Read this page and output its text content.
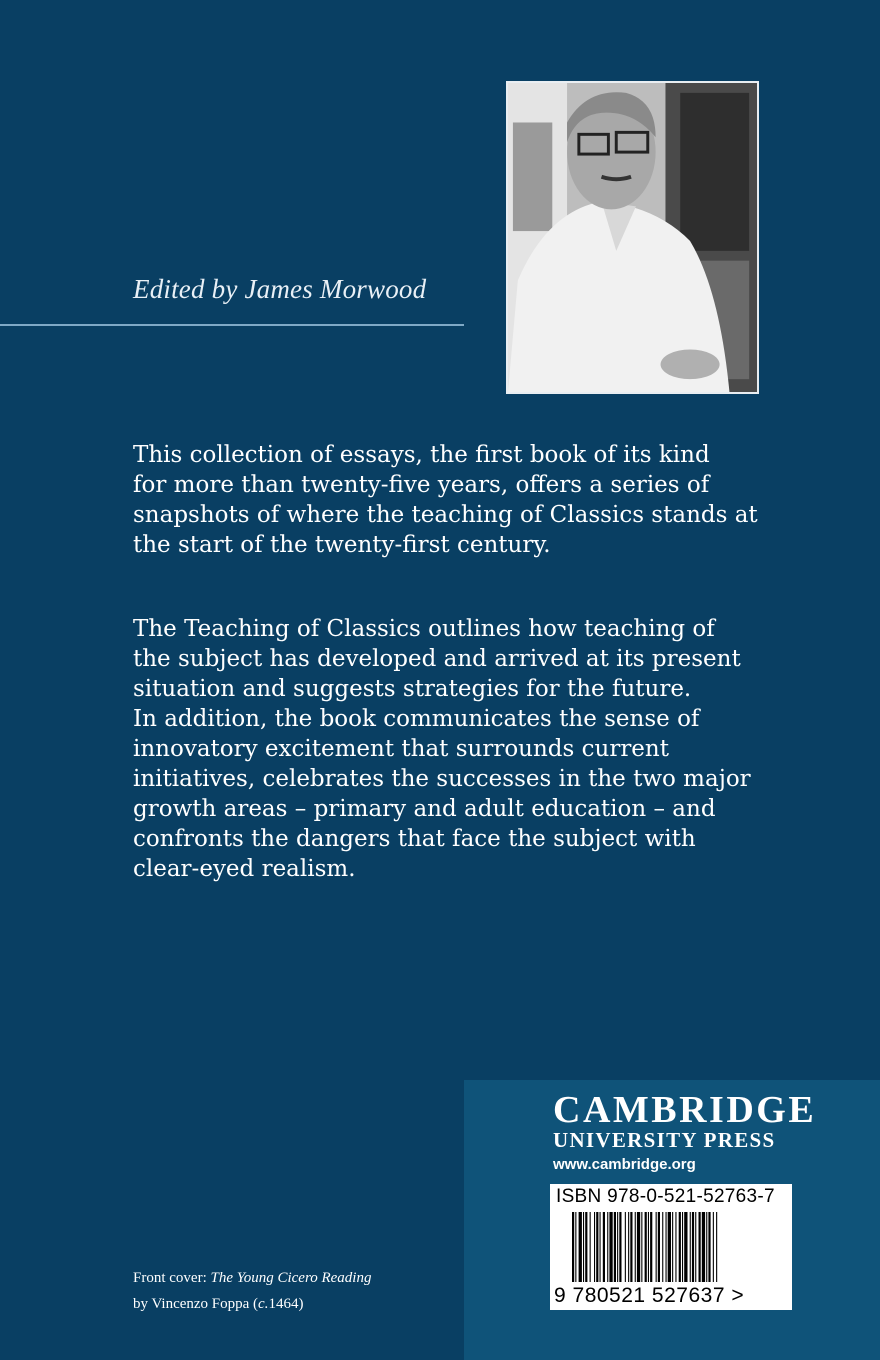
Edited by James Morwood

This collection of essays, the first book of its kind
for more than twenty-five years, offers a series of
snapshots of where the teaching of Classics stands at
the start of the twenty-first century.

The Teaching of Classics outlines how teaching of
the subject has developed and arrived at its present
situation and suggests strategies for the future.
In addition, the book communicates the sense of
innovatory excitement that surrounds current
initiatives, celebrates the successes in the two major
growth areas – primary and adult education – and
confronts the dangers that face the subject with
clear-eyed realism.

CAMBRIDGE
UNIVERSITY PRESS
www.cambridge.org
ISBN 978-0-521-52763-7
9 780521 527637 >
Front cover: The Young Cicero Reading
by Vincenzo Foppa (c.1464)
